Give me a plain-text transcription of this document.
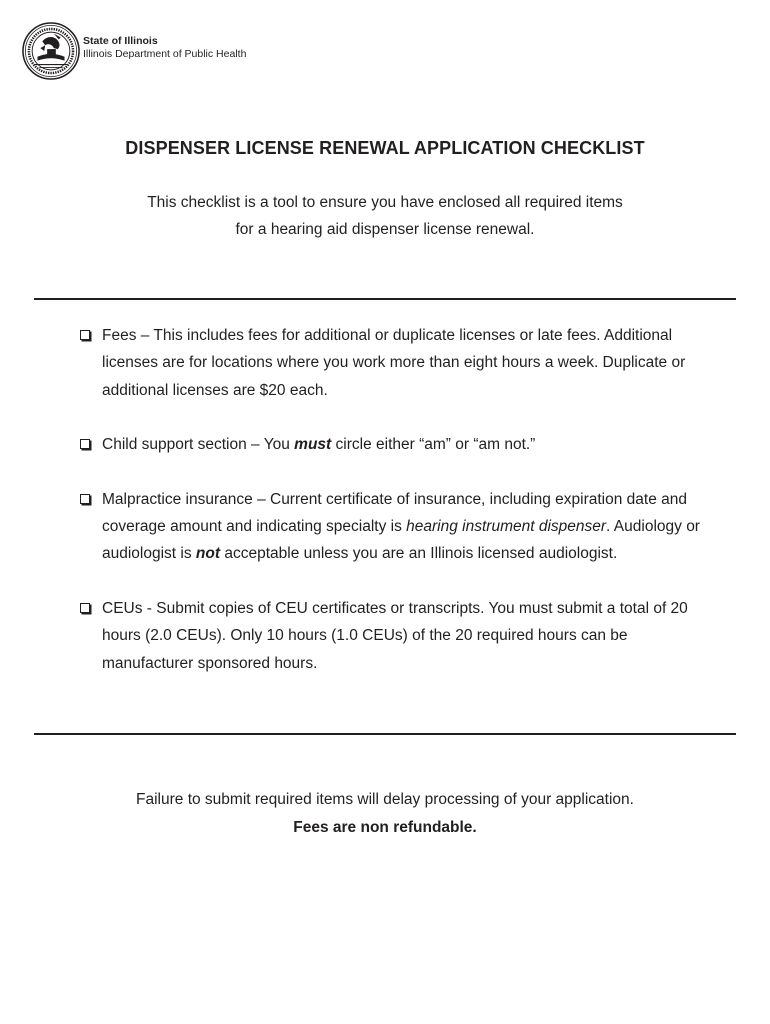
State of Illinois
Illinois Department of Public Health
DISPENSER LICENSE RENEWAL APPLICATION CHECKLIST
This checklist is a tool to ensure you have enclosed all required items
for a hearing aid dispenser license renewal.
Fees – This includes fees for additional or duplicate licenses or late fees. Additional licenses are for locations where you work more than eight hours a week. Duplicate or additional licenses are $20 each.
Child support section – You must circle either “am” or “am not.”
Malpractice insurance – Current certificate of insurance, including expiration date and coverage amount and indicating specialty is hearing instrument dispenser. Audiology or audiologist is not acceptable unless you are an Illinois licensed audiologist.
CEUs - Submit copies of CEU certificates or transcripts. You must submit a total of 20 hours (2.0 CEUs). Only 10 hours (1.0 CEUs) of the 20 required hours can be manufacturer sponsored hours.
Failure to submit required items will delay processing of your application.
Fees are non refundable.
